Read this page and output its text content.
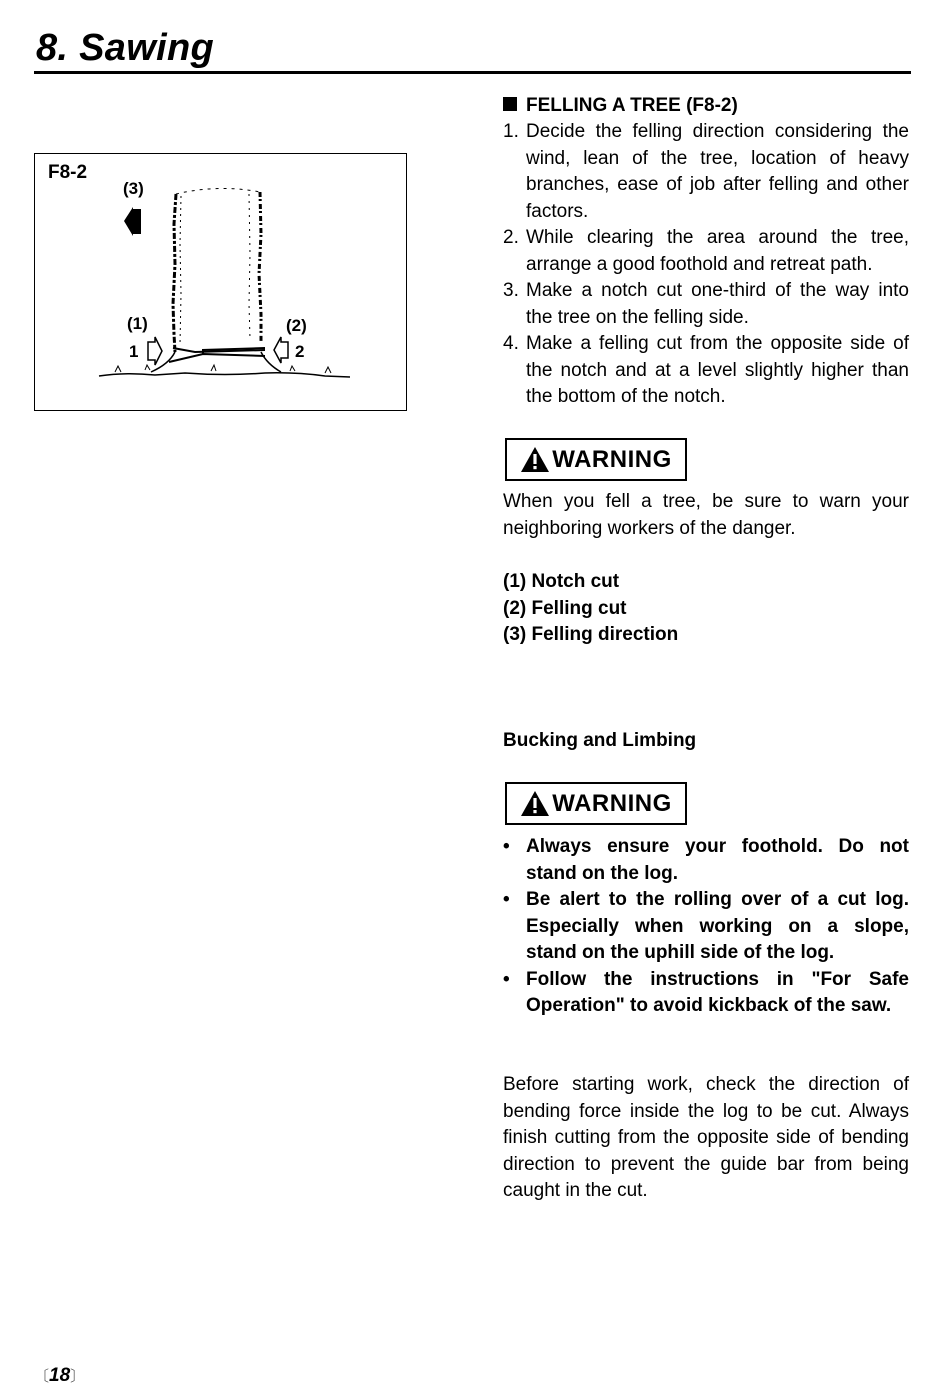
8. Sawing
F8-2
(3)
(1)
1
(2)
2
FELLING A TREE (F8-2)
1. Decide the felling direction considering the wind, lean of the tree, location of heavy branches, ease of job after felling and other factors.
2. While clearing the area around the tree, arrange a good foothold and retreat path.
3. Make a notch cut one-third of the way into the tree on the felling side.
4. Make a felling cut from the opposite side of the notch and at a level slightly higher than the bottom of the notch.
WARNING
When you fell a tree, be sure to warn your neighboring workers of the danger.
(1) Notch cut
(2) Felling cut
(3) Felling direction
Bucking and Limbing
WARNING
• Always ensure your foothold. Do not stand on the log.
• Be alert to the rolling over of a cut log. Especially when working on a slope, stand on the uphill side of the log.
• Follow the instructions in "For Safe Operation" to avoid kickback of the saw.
Before starting work, check the direction of bending force inside the log to be cut. Always finish cutting from the opposite side of bending direction to prevent the guide bar from being caught in the cut.
〔18〕
